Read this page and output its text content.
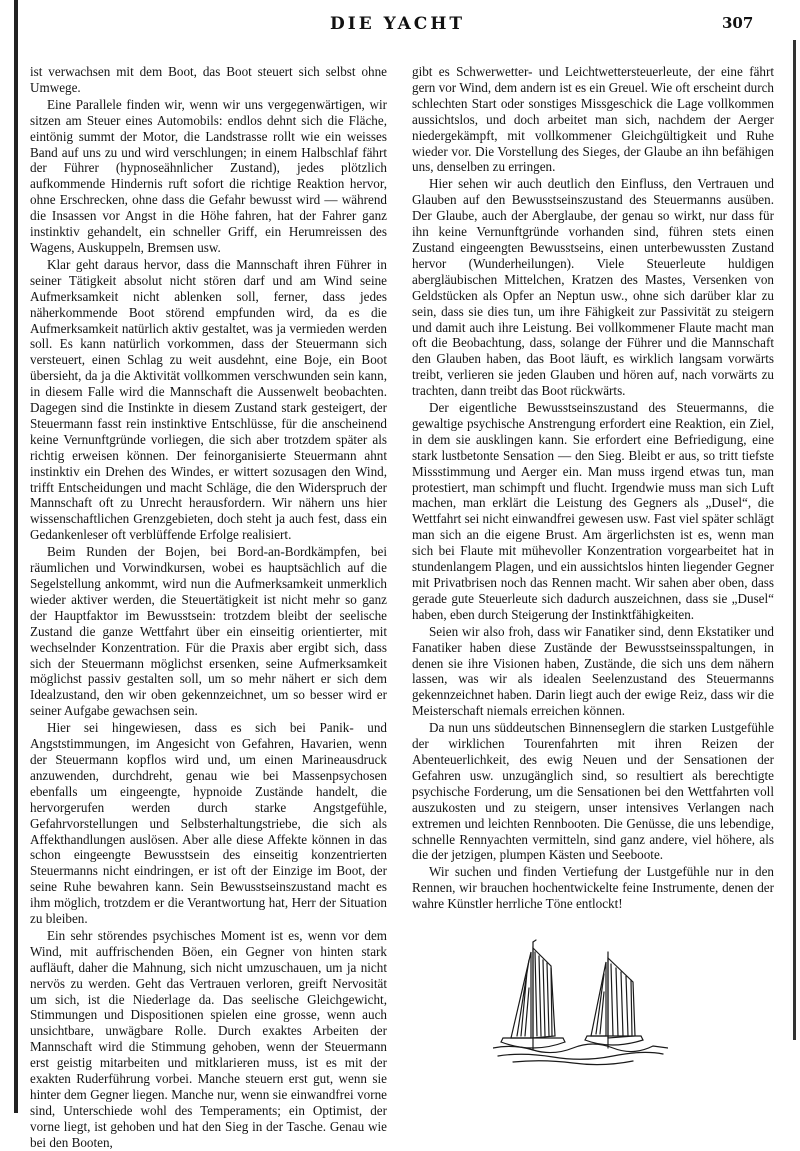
DIE YACHT	307

ist verwachsen mit dem Boot, das Boot steuert sich selbst ohne Umwege.

Eine Parallele finden wir, wenn wir uns vergegenwärtigen, wir sitzen am Steuer eines Automobils: endlos dehnt sich die Fläche, eintönig summt der Motor, die Landstrasse rollt wie ein weisses Band auf uns zu und wird verschlungen; in einem Halbschlaf fährt der Führer (hypnoseähnlicher Zustand), jedes plötzlich aufkommende Hindernis ruft sofort die richtige Reaktion hervor, ohne Erschrecken, ohne dass die Gefahr bewusst wird — während die Insassen vor Angst in die Höhe fahren, hat der Fahrer ganz instinktiv gehandelt, ein schneller Griff, ein Herumreissen des Wagens, Auskuppeln, Bremsen usw.

Klar geht daraus hervor, dass die Mannschaft ihren Führer in seiner Tätigkeit absolut nicht stören darf und am Wind seine Aufmerksamkeit nicht ablenken soll, ferner, dass jedes näherkommende Boot störend empfunden wird, da es die Aufmerksamkeit natürlich aktiv gestaltet, was ja vermieden werden soll. Es kann natürlich vorkommen, dass der Steuermann sich versteuert, einen Schlag zu weit ausdehnt, eine Boje, ein Boot übersieht, da ja die Aktivität vollkommen verschwunden sein kann, in diesem Falle wird die Mannschaft die Aussenwelt beobachten. Dagegen sind die Instinkte in diesem Zustand stark gesteigert, der Steuermann fasst rein instinktive Entschlüsse, für die anscheinend keine Vernunftgründe vorliegen, die sich aber trotzdem später als richtig erweisen können. Der feinorganisierte Steuermann ahnt instinktiv ein Drehen des Windes, er wittert sozusagen den Wind, trifft Entscheidungen und macht Schläge, die den Widerspruch der Mannschaft oft zu Unrecht herausfordern. Wir nähern uns hier wissenschaftlichen Grenzgebieten, doch steht ja auch fest, dass ein Gedankenleser oft verblüffende Erfolge realisiert.

Beim Runden der Bojen, bei Bord-an-Bordkämpfen, bei räumlichen und Vorwindkursen, wobei es hauptsächlich auf die Segelstellung ankommt, wird nun die Aufmerksamkeit unmerklich wieder aktiver werden, die Steuertätigkeit ist nicht mehr so ganz der Hauptfaktor im Bewusstsein: trotzdem bleibt der seelische Zustand die ganze Wettfahrt über ein einseitig orientierter, mit wechselnder Konzentration. Für die Praxis aber ergibt sich, dass sich der Steuermann möglichst ersenken, seine Aufmerksamkeit möglichst passiv gestalten soll, um so mehr nähert er sich dem Idealzustand, den wir oben gekennzeichnet, um so besser wird er seiner Aufgabe gewachsen sein.

Hier sei hingewiesen, dass es sich bei Panik- und Angststimmungen, im Angesicht von Gefahren, Havarien, wenn der Steuermann kopflos wird und, um einen Marineausdruck anzuwenden, durchdreht, genau wie bei Massenpsychosen ebenfalls um eingeengte, hypnoide Zustände handelt, die hervorgerufen werden durch starke Angstgefühle, Gefahrvorstellungen und Selbsterhaltungstriebe, die sich als Affekthandlungen auslösen. Aber alle diese Affekte können in das schon eingeengte Bewusstsein des einseitig konzentrierten Steuermanns nicht eindringen, er ist oft der Einzige im Boot, der seine Ruhe bewahren kann. Sein Bewusstseinszustand macht es ihm möglich, trotzdem er die Verantwortung hat, Herr der Situation zu bleiben.

Ein sehr störendes psychisches Moment ist es, wenn vor dem Wind, mit auffrischenden Böen, ein Gegner von hinten stark aufläuft, daher die Mahnung, sich nicht umzuschauen, um ja nicht nervös zu werden. Geht das Vertrauen verloren, greift Nervosität um sich, ist die Niederlage da. Das seelische Gleichgewicht, Stimmungen und Dispositionen spielen eine grosse, wenn auch unsichtbare, unwägbare Rolle. Durch exaktes Arbeiten der Mannschaft wird die Stimmung gehoben, wenn der Steuermann erst geistig mitarbeiten und mitklarieren muss, ist es mit der exakten Ruderführung vorbei. Manche steuern erst gut, wenn sie hinter dem Gegner liegen. Manche nur, wenn sie einwandfrei vorne sind, Unterschiede wohl des Temperaments; ein Optimist, der vorne liegt, ist gehoben und hat den Sieg in der Tasche. Genau wie bei den Booten,

gibt es Schwerwetter- und Leichtwettersteuerleute, der eine fährt gern vor Wind, dem andern ist es ein Greuel. Wie oft erscheint durch schlechten Start oder sonstiges Missgeschick die Lage vollkommen aussichtslos, und doch arbeitet man sich, nachdem der Aerger niedergekämpft, mit vollkommener Gleichgültigkeit und Ruhe wieder vor. Die Vorstellung des Sieges, der Glaube an ihn befähigen uns, denselben zu erringen.

Hier sehen wir auch deutlich den Einfluss, den Vertrauen und Glauben auf den Bewusstseinszustand des Steuermanns ausüben. Der Glaube, auch der Aberglaube, der genau so wirkt, nur dass für ihn keine Vernunftgründe vorhanden sind, führen stets einen Zustand eingeengten Bewusstseins, einen unterbewussten Zustand hervor (Wunderheilungen). Viele Steuerleute huldigen abergläubischen Mittelchen, Kratzen des Mastes, Versenken von Geldstücken als Opfer an Neptun usw., ohne sich darüber klar zu sein, dass sie dies tun, um ihre Fähigkeit zur Passivität zu steigern und damit auch ihre Leistung. Bei vollkommener Flaute macht man oft die Beobachtung, dass, solange der Führer und die Mannschaft den Glauben haben, das Boot läuft, es wirklich langsam vorwärts treibt, verlieren sie jeden Glauben und hören auf, nach vorwärts zu trachten, dann treibt das Boot rückwärts.

Der eigentliche Bewusstseinszustand des Steuermanns, die gewaltige psychische Anstrengung erfordert eine Reaktion, ein Ziel, in dem sie ausklingen kann. Sie erfordert eine Befriedigung, eine stark lustbetonte Sensation — den Sieg. Bleibt er aus, so tritt tiefste Missstimmung und Aerger ein. Man muss irgend etwas tun, man protestiert, man schimpft und flucht. Irgendwie muss man sich Luft machen, man erklärt die Leistung des Gegners als „Dusel“, die Wettfahrt sei nicht einwandfrei gewesen usw. Fast viel später schlägt man sich an die eigene Brust. Am ärgerlichsten ist es, wenn man sich bei Flaute mit mühevoller Konzentration vorgearbeitet hat in stundenlangem Plagen, und ein aussichtslos hinten liegender Gegner mit Privatbrisen noch das Rennen macht. Wir sahen aber oben, dass gerade gute Steuerleute sich dadurch auszeichnen, dass sie „Dusel“ haben, eben durch Steigerung der Instinktfähigkeiten.

Seien wir also froh, dass wir Fanatiker sind, denn Ekstatiker und Fanatiker haben diese Zustände der Bewusstseinsspaltungen, in denen sie ihre Visionen haben, Zustände, die sich uns dem nähern lassen, was wir als idealen Seelenzustand des Steuermanns gekennzeichnet haben. Darin liegt auch der ewige Reiz, dass wir die Meisterschaft niemals erreichen können.

Da nun uns süddeutschen Binnenseglern die starken Lustgefühle der wirklichen Tourenfahrten mit ihren Reizen der Abenteuerlichkeit, des ewig Neuen und der Sensationen der Gefahren usw. unzugänglich sind, so resultiert als berechtigte psychische Forderung, um die Sensationen bei den Wettfahrten voll auszukosten und zu steigern, unser intensives Verlangen nach extremen und leichten Rennbooten. Die Genüsse, die uns lebendige, schnelle Rennyachten vermitteln, sind ganz andere, viel höhere, als die der jetzigen, plumpen Kästen und Seeboote.

Wir suchen und finden Vertiefung der Lustgefühle nur in den Rennen, wir brauchen hochentwickelte feine Instrumente, denen der wahre Künstler herrliche Töne entlockt!
